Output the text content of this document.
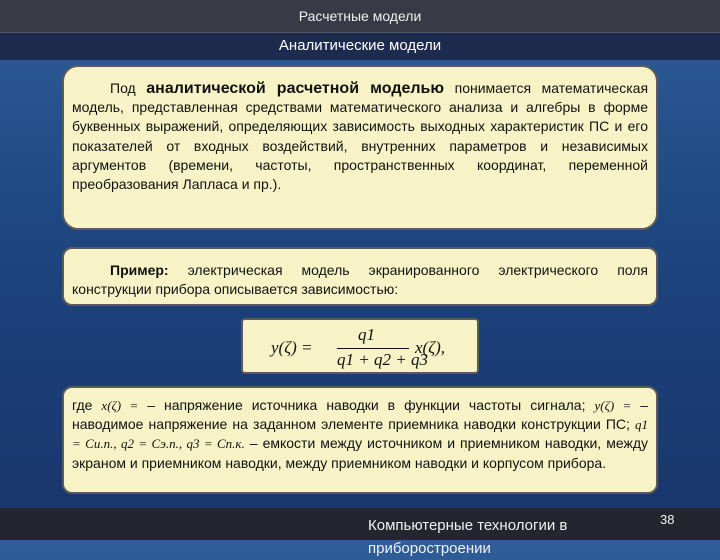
Расчетные модели
Аналитические модели

Под аналитической расчетной моделью понимается математическая модель, представленная средствами математического анализа и алгебры в форме буквенных выражений, определяющих зависимость выходных характеристик ПС и его показателей от входных воздействий, внутренних параметров и независимых аргументов (времени, частоты, пространственных координат, переменной преобразования Лапласа и пр.).

Пример: электрическая модель экранированного электрического поля конструкции прибора описывается зависимостью:

y(ζ) =
q1
q1 + q2 + q3
x(ζ),

где x(ζ) = – напряжение источника наводки в функции частоты сигнала; y(ζ) = – наводимое напряжение на заданном элементе приемника наводки конструкции ПС; q1 = Cи.п., q2 = Cэ.п., q3 = Cп.к. – емкости между источником и приемником наводки, между экраном и приемником наводки, между приемником наводки и корпусом прибора.

Компьютерные технологии в приборостроении
38
